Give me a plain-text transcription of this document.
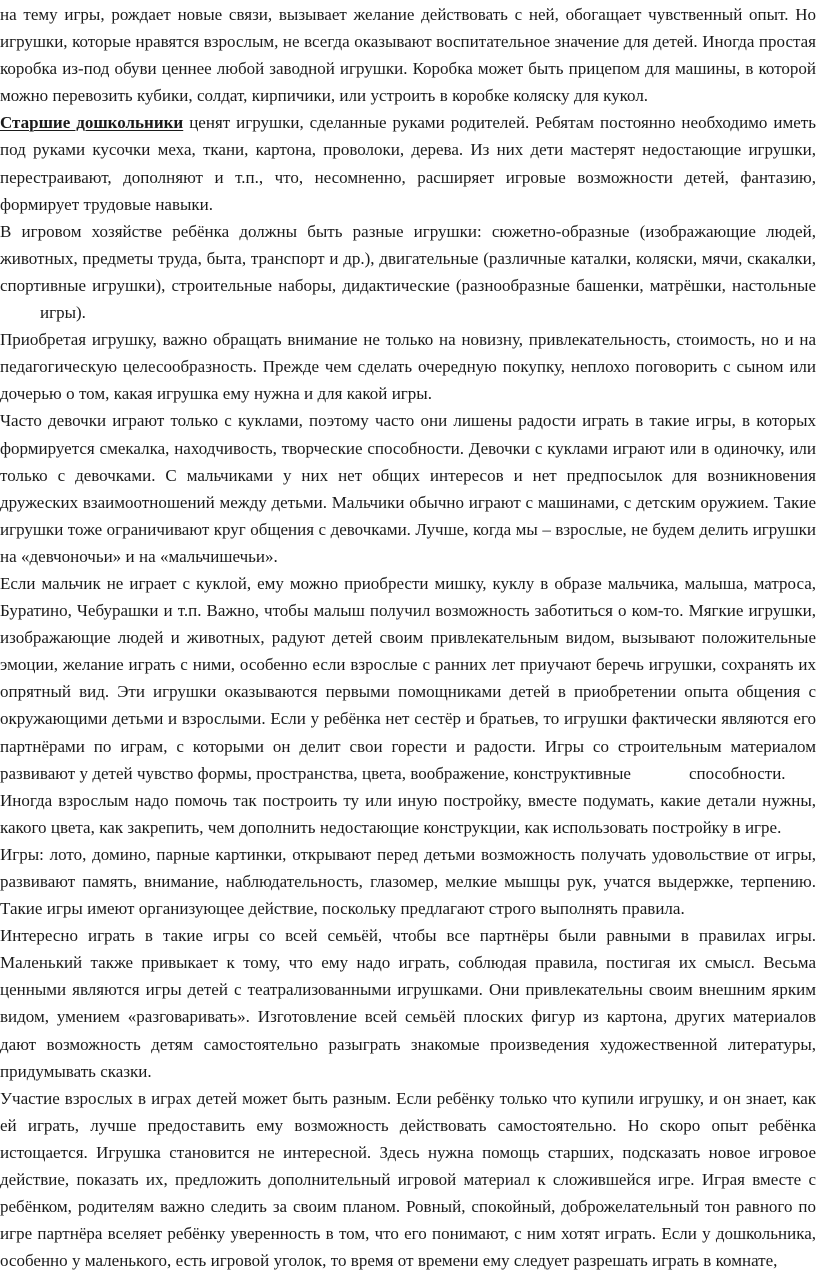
на тему игры, рождает новые связи, вызывает желание действовать с ней, обогащает чувственный опыт. Но игрушки, которые нравятся взрослым, не всегда оказывают воспитательное значение для детей. Иногда простая коробка из-под обуви ценнее любой заводной игрушки. Коробка может быть прицепом для машины, в которой можно перевозить кубики, солдат, кирпичики, или устроить в коробке коляску для кукол.

Старшие дошкольники ценят игрушки, сделанные руками родителей. Ребятам постоянно необходимо иметь под руками кусочки меха, ткани, картона, проволоки, дерева. Из них дети мастерят недостающие игрушки, перестраивают, дополняют и т.п., что, несомненно, расширяет игровые возможности детей, фантазию, формирует трудовые навыки.

В игровом хозяйстве ребёнка должны быть разные игрушки: сюжетно-образные (изображающие людей, животных, предметы труда, быта, транспорт и др.), двигательные (различные каталки, коляски, мячи, скакалки, спортивные игрушки), строительные наборы, дидактические (разнообразные башенки, матрёшки, настольныеигры).

Приобретая игрушку, важно обращать внимание не только на новизну, привлекательность, стоимость, но и на педагогическую целесообразность. Прежде чем сделать очередную покупку, неплохо поговорить с сыном или дочерью о том, какая игрушка ему нужна и для какой игры.

Часто девочки играют только с куклами, поэтому часто они лишены радости играть в такие игры, в которых формируется смекалка, находчивость, творческие способности. Девочки с куклами играют или в одиночку, или только с девочками. С мальчиками у них нет общих интересов и нет предпосылок для возникновения дружеских взаимоотношений между детьми. Мальчики обычно играют с машинами, с детским оружием. Такие игрушки тоже ограничивают круг общения с девочками. Лучше, когда мы – взрослые, не будем делить игрушки на «девчоночьи» и на «мальчишечьи».

Если мальчик не играет с куклой, ему можно приобрести мишку, куклу в образе мальчика, малыша, матроса, Буратино, Чебурашки и т.п. Важно, чтобы малыш получил возможность заботиться о ком-то. Мягкие игрушки, изображающие людей и животных, радуют детей своим привлекательным видом, вызывают положительные эмоции, желание играть с ними, особенно если взрослые с ранних лет приучают беречь игрушки, сохранять их опрятный вид. Эти игрушки оказываются первыми помощниками детей в приобретении опыта общения с окружающими детьми и взрослыми. Если у ребёнка нет сестёр и братьев, то игрушки фактически являются его партнёрами по играм, с которыми он делит свои горести и радости. Игры со строительным материалом развивают у детей чувство формы, пространства, цвета, воображение, конструктивные	способности.

Иногда взрослым надо помочь так построить ту или иную постройку, вместе подумать, какие детали нужны, какого цвета, как закрепить, чем дополнить недостающие конструкции, как использовать постройку в игре.

Игры: лото, домино, парные картинки, открывают перед детьми возможность получать удовольствие от игры, развивают память, внимание, наблюдательность, глазомер, мелкие мышцы рук, учатся выдержке, терпению. Такие игры имеют организующее действие, поскольку предлагают строго выполнять правила.

Интересно играть в такие игры со всей семьёй, чтобы все партнёры были равными в правилах игры. Маленький также привыкает к тому, что ему надо играть, соблюдая правила, постигая их смысл. Весьма ценными являются игры детей с театрализованными игрушками. Они привлекательны своим внешним ярким видом, умением «разговаривать». Изготовление всей семьёй плоских фигур из картона, других материалов дают возможность детям самостоятельно разыграть знакомые произведения художественной литературы, придумывать сказки.

Участие взрослых в играх детей может быть разным. Если ребёнку только что купили игрушку, и он знает, как ей играть, лучше предоставить ему возможность действовать самостоятельно. Но скоро опыт ребёнка истощается. Игрушка становится не интересной. Здесь нужна помощь старших, подсказать новое игровое действие, показать их, предложить дополнительный игровой материал к сложившейся игре. Играя вместе с ребёнком, родителям важно следить за своим планом. Ровный, спокойный, доброжелательный тон равного по игре партнёра вселяет ребёнку уверенность в том, что его понимают, с ним хотят играть. Если у дошкольника, особенно у маленького, есть игровой уголок, то время от времени ему следует разрешать играть в комнате,
